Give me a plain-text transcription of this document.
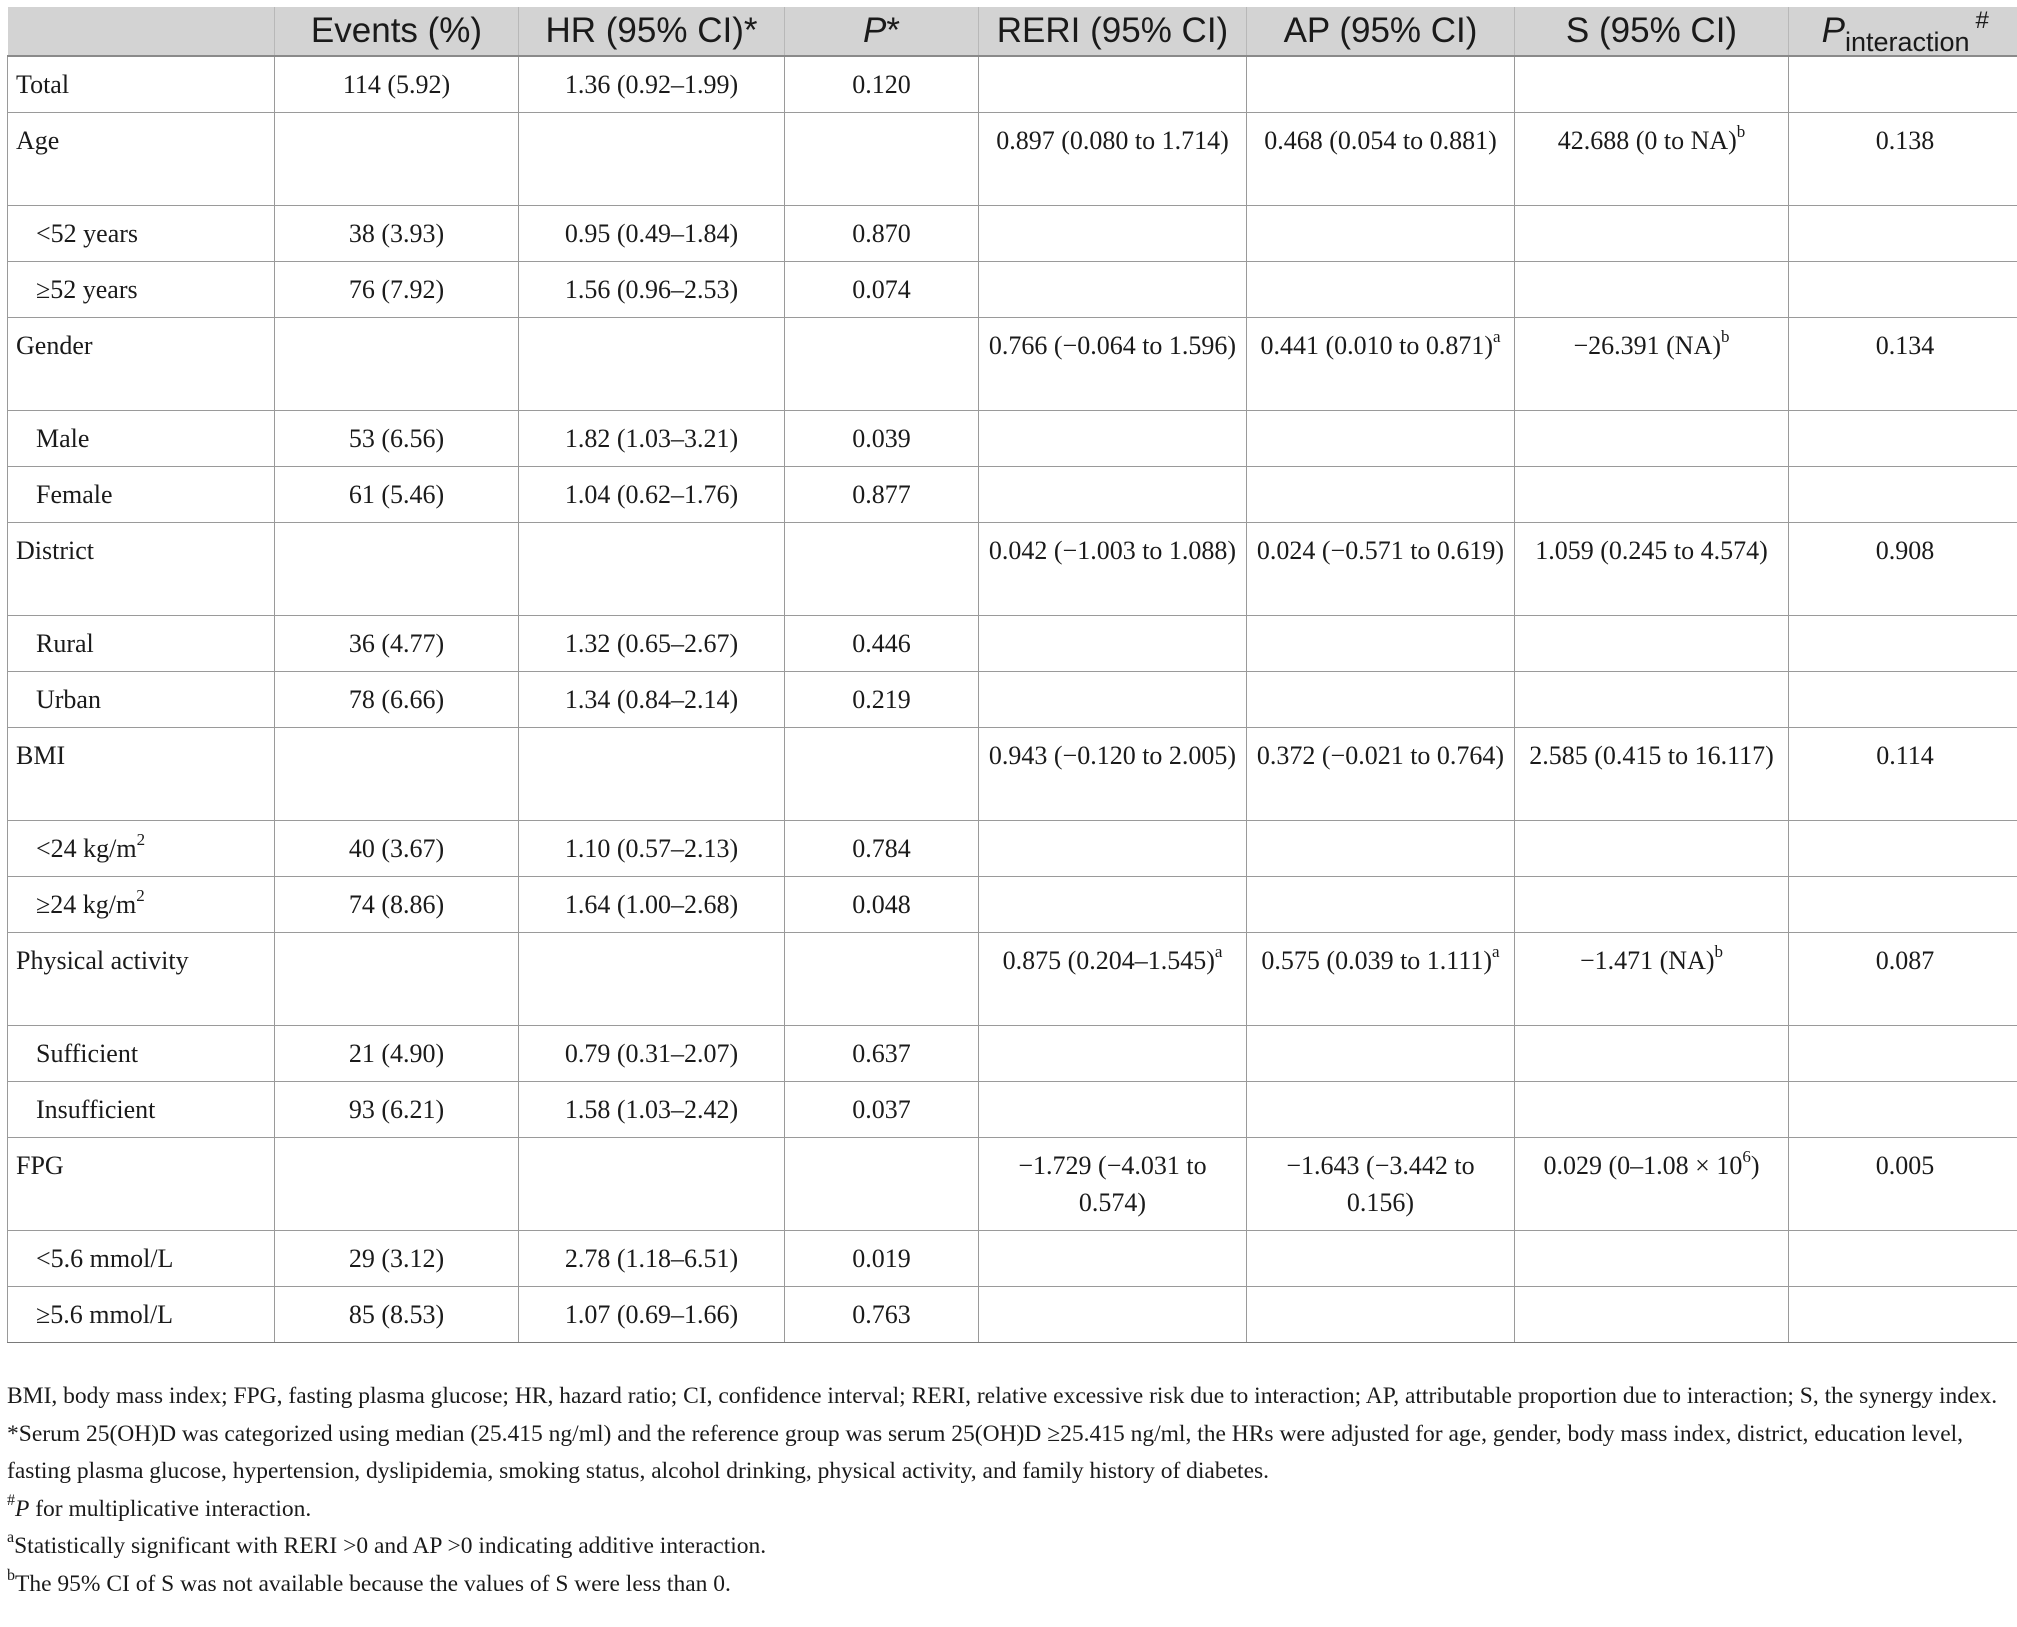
	Events (%)	HR (95% CI)*	P*	RERI (95% CI)	AP (95% CI)	S (95% CI)	$P_{interaction}^{\#}$
Total	114 (5.92)	1.36 (0.92–1.99)	0.120				
Age				0.897 (0.080 to 1.714)	0.468 (0.054 to 0.881)	42.688 (0 to NA)$^b$	0.138
<52 years	38 (3.93)	0.95 (0.49–1.84)	0.870				
≥52 years	76 (7.92)	1.56 (0.96–2.53)	0.074				
Gender				0.766 (−0.064 to 1.596)	0.441 (0.010 to 0.871)$^a$	−26.391 (NA)$^b$	0.134
Male	53 (6.56)	1.82 (1.03–3.21)	0.039				
Female	61 (5.46)	1.04 (0.62–1.76)	0.877				
District				0.042 (−1.003 to 1.088)	0.024 (−0.571 to 0.619)	1.059 (0.245 to 4.574)	0.908
Rural	36 (4.77)	1.32 (0.65–2.67)	0.446				
Urban	78 (6.66)	1.34 (0.84–2.14)	0.219				
BMI				0.943 (−0.120 to 2.005)	0.372 (−0.021 to 0.764)	2.585 (0.415 to 16.117)	0.114
<24 kg/m$^2$	40 (3.67)	1.10 (0.57–2.13)	0.784				
≥24 kg/m$^2$	74 (8.86)	1.64 (1.00–2.68)	0.048				
Physical activity				0.875 (0.204–1.545)$^a$	0.575 (0.039 to 1.111)$^a$	−1.471 (NA)$^b$	0.087
Sufficient	21 (4.90)	0.79 (0.31–2.07)	0.637				
Insufficient	93 (6.21)	1.58 (1.03–2.42)	0.037				
FPG				−1.729 (−4.031 to 0.574)	−1.643 (−3.442 to 0.156)	0.029 (0–1.08 × 10$^6$)	0.005
<5.6 mmol/L	29 (3.12)	2.78 (1.18–6.51)	0.019				
≥5.6 mmol/L	85 (8.53)	1.07 (0.69–1.66)	0.763				

BMI, body mass index; FPG, fasting plasma glucose; HR, hazard ratio; CI, confidence interval; RERI, relative excessive risk due to interaction; AP, attributable proportion due to interaction; S, the synergy index.

*Serum 25(OH)D was categorized using median (25.415 ng/ml) and the reference group was serum 25(OH)D ≥25.415 ng/ml, the HRs were adjusted for age, gender, body mass index, district, education level, fasting plasma glucose, hypertension, dyslipidemia, smoking status, alcohol drinking, physical activity, and family history of diabetes.

#P for multiplicative interaction.

$^a$Statistically significant with RERI >0 and AP >0 indicating additive interaction.

$^b$The 95% CI of S was not available because the values of S were less than 0.
